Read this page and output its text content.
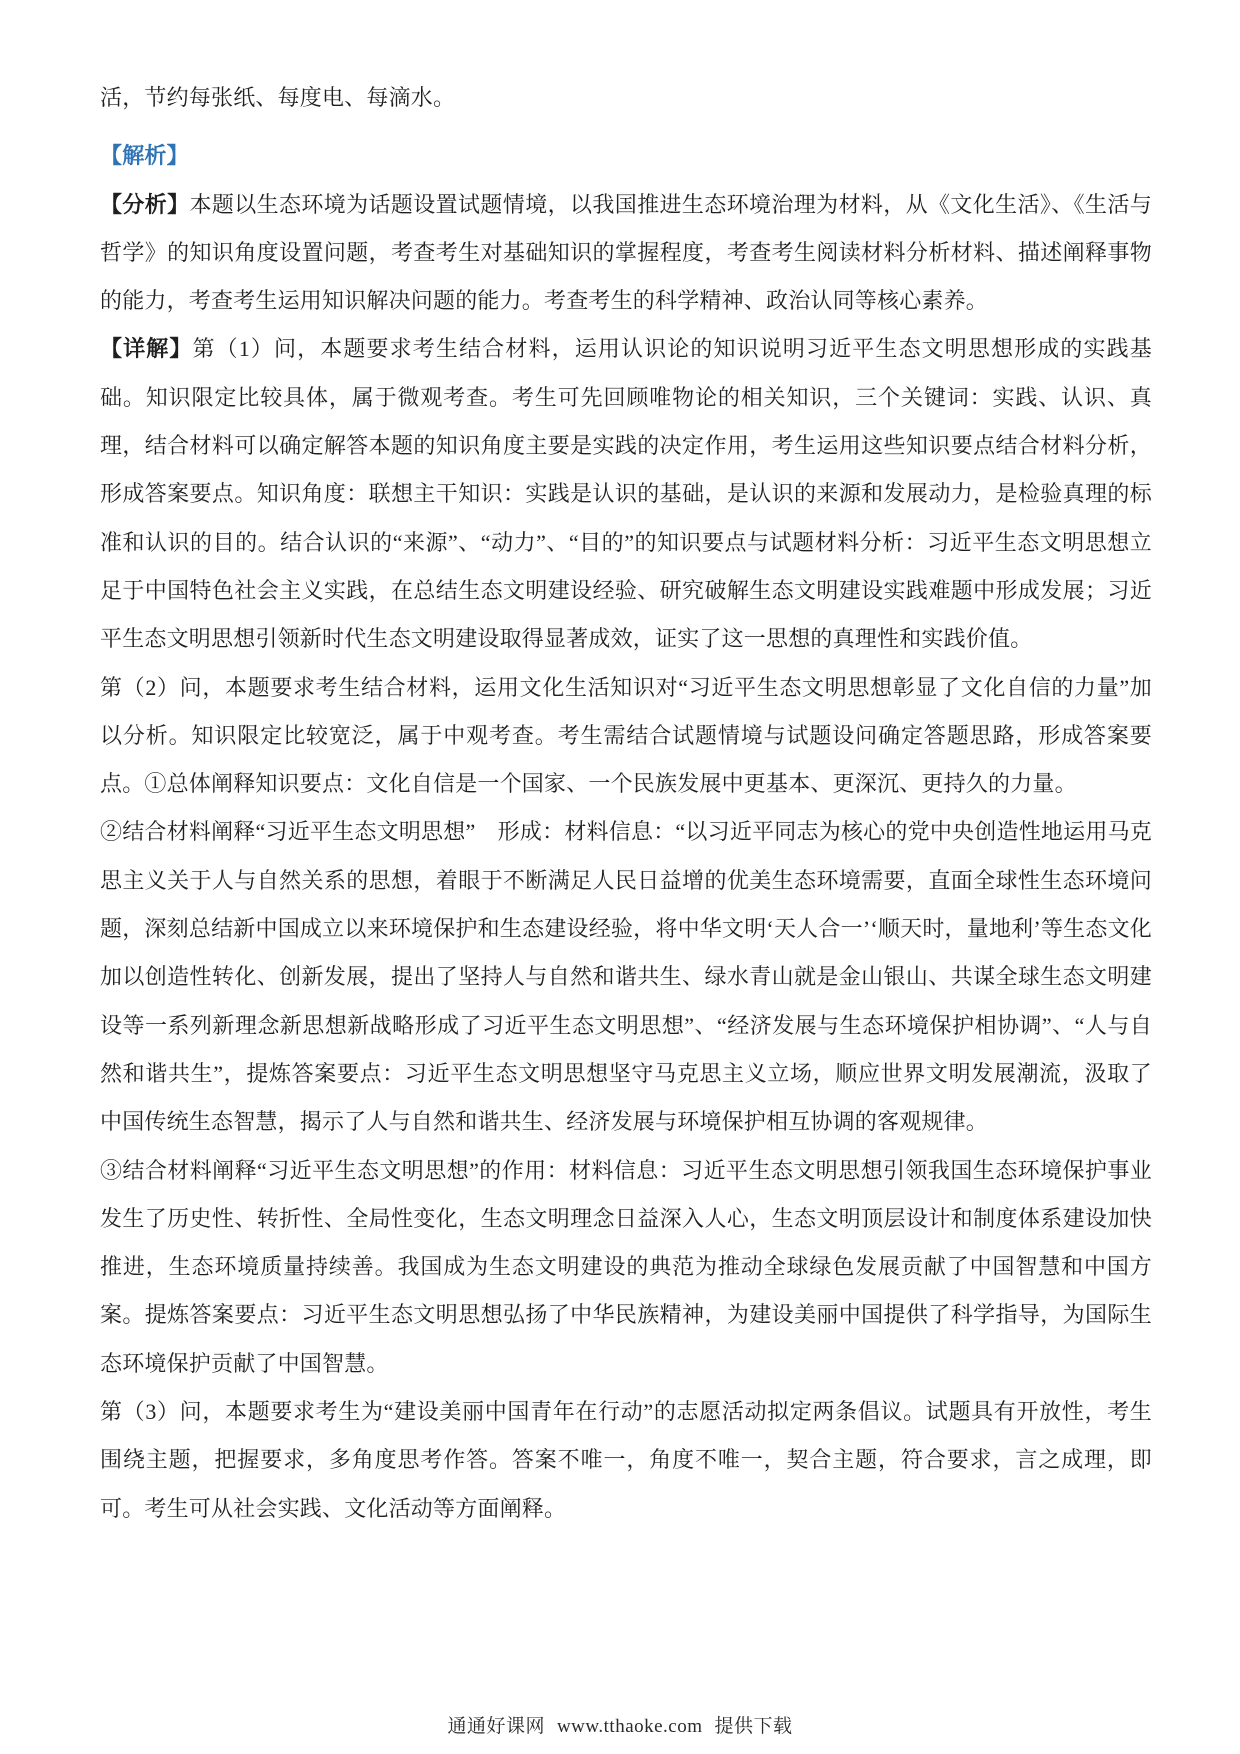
活，节约每张纸、每度电、每滴水。

【解析】

【分析】本题以生态环境为话题设置试题情境，以我国推进生态环境治理为材料，从《文化生活》、《生活与哲学》的知识角度设置问题，考查考生对基础知识的掌握程度，考查考生阅读材料分析材料、描述阐释事物的能力，考查考生运用知识解决问题的能力。考查考生的科学精神、政治认同等核心素养。

【详解】第（1）问，本题要求考生结合材料，运用认识论的知识说明习近平生态文明思想形成的实践基础。知识限定比较具体，属于微观考查。考生可先回顾唯物论的相关知识，三个关键词：实践、认识、真理，结合材料可以确定解答本题的知识角度主要是实践的决定作用，考生运用这些知识要点结合材料分析，形成答案要点。知识角度：联想主干知识：实践是认识的基础，是认识的来源和发展动力，是检验真理的标准和认识的目的。结合认识的“来源”、“动力”、“目的”的知识要点与试题材料分析：习近平生态文明思想立足于中国特色社会主义实践，在总结生态文明建设经验、研究破解生态文明建设实践难题中形成发展；习近平生态文明思想引领新时代生态文明建设取得显著成效，证实了这一思想的真理性和实践价值。

第（2）问，本题要求考生结合材料，运用文化生活知识对“习近平生态文明思想彰显了文化自信的力量”加以分析。知识限定比较宽泛，属于中观考查。考生需结合试题情境与试题设问确定答题思路，形成答案要点。①总体阐释知识要点：文化自信是一个国家、一个民族发展中更基本、更深沉、更持久的力量。

②结合材料阐释“习近平生态文明思想”　形成：材料信息：“以习近平同志为核心的党中央创造性地运用马克思主义关于人与自然关系的思想，着眼于不断满足人民日益增的优美生态环境需要，直面全球性生态环境问题，深刻总结新中国成立以来环境保护和生态建设经验，将中华文明‘天人合一’‘顺天时，量地利’等生态文化加以创造性转化、创新发展，提出了坚持人与自然和谐共生、绿水青山就是金山银山、共谋全球生态文明建设等一系列新理念新思想新战略形成了习近平生态文明思想”、“经济发展与生态环境保护相协调”、“人与自然和谐共生”，提炼答案要点：习近平生态文明思想坚守马克思主义立场，顺应世界文明发展潮流，汲取了中国传统生态智慧，揭示了人与自然和谐共生、经济发展与环境保护相互协调的客观规律。

③结合材料阐释“习近平生态文明思想”的作用：材料信息：习近平生态文明思想引领我国生态环境保护事业发生了历史性、转折性、全局性变化，生态文明理念日益深入人心，生态文明顶层设计和制度体系建设加快推进，生态环境质量持续善。我国成为生态文明建设的典范为推动全球绿色发展贡献了中国智慧和中国方案。提炼答案要点：习近平生态文明思想弘扬了中华民族精神，为建设美丽中国提供了科学指导，为国际生态环境保护贡献了中国智慧。

第（3）问，本题要求考生为“建设美丽中国青年在行动”的志愿活动拟定两条倡议。试题具有开放性，考生围绕主题，把握要求，多角度思考作答。答案不唯一，角度不唯一，契合主题，符合要求，言之成理，即可。考生可从社会实践、文化活动等方面阐释。

通通好课网 www.tthaoke.com 提供下载
